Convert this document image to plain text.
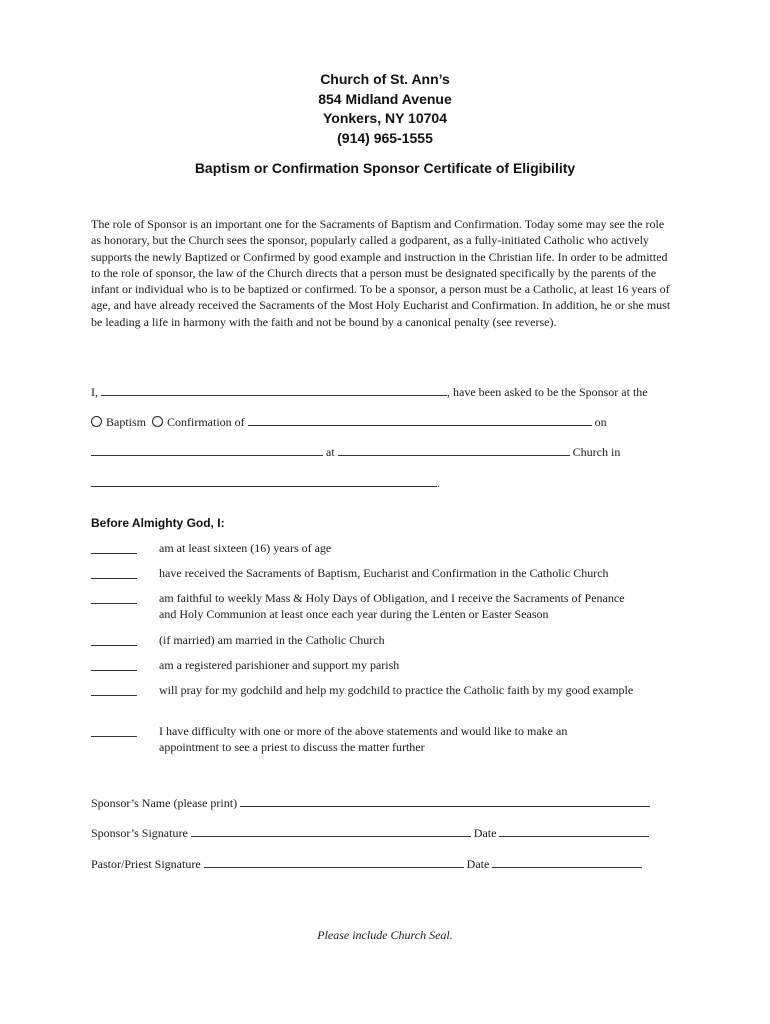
Church of St. Ann’s
854 Midland Avenue
Yonkers, NY 10704
(914) 965-1555
Baptism or Confirmation Sponsor Certificate of Eligibility
The role of Sponsor is an important one for the Sacraments of Baptism and Confirmation. Today some may see the role as honorary, but the Church sees the sponsor, popularly called a godparent, as a fully-initiated Catholic who actively supports the newly Baptized or Confirmed by good example and instruction in the Christian life. In order to be admitted to the role of sponsor, the law of the Church directs that a person must be designated specifically by the parents of the infant or individual who is to be baptized or confirmed. To be a sponsor, a person must be a Catholic, at least 16 years of age, and have already received the Sacraments of the Most Holy Eucharist and Confirmation. In addition, he or she must be leading a life in harmony with the faith and not be bound by a canonical penalty (see reverse).
I,	, have been asked to be the Sponsor at the
Baptism Confirmation of	on
at	Church in
.
Before Almighty God, I:
am at least sixteen (16) years of age
have received the Sacraments of Baptism, Eucharist and Confirmation in the Catholic Church
am faithful to weekly Mass & Holy Days of Obligation, and I receive the Sacraments of Penance and Holy Communion at least once each year during the Lenten or Easter Season
(if married) am married in the Catholic Church
am a registered parishioner and support my parish
will pray for my godchild and help my godchild to practice the Catholic faith by my good example
I have difficulty with one or more of the above statements and would like to make an appointment to see a priest to discuss the matter further
Sponsor’s Name (please print)
Sponsor’s Signature	Date
Pastor/Priest Signature	Date
Please include Church Seal.
